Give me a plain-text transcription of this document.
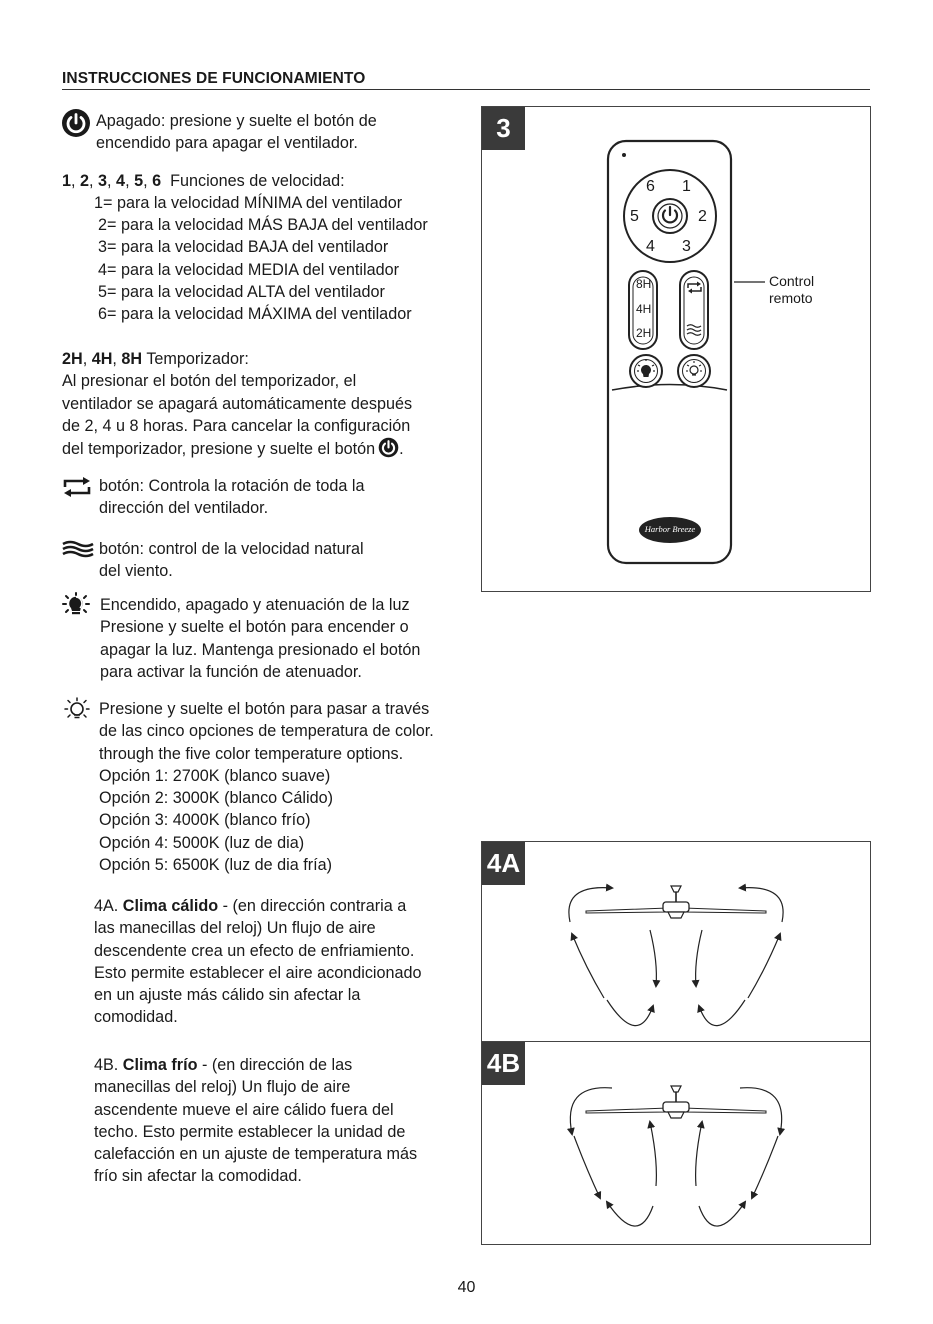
INSTRUCCIONES DE FUNCIONAMIENTO
Apagado: presione y suelte el botón de
encendido para apagar el ventilador.
1, 2, 3, 4, 5, 6 Funciones de velocidad:
1= para la velocidad MÍNIMA del ventilador
2= para la velocidad MÁS BAJA del ventilador
3= para la velocidad BAJA del ventilador
4= para la velocidad MEDIA del ventilador
5= para la velocidad ALTA del ventilador
6= para la velocidad MÁXIMA del ventilador
2H, 4H, 8H Temporizador:
Al presionar el botón del temporizador, el
ventilador se apagará automáticamente después
de 2, 4 u 8 horas. Para cancelar la configuración
del temporizador, presione y suelte el botón .
botón: Controla la rotación de toda la
dirección del ventilador.
botón: control de la velocidad natural
del viento.
Encendido, apagado y atenuación de la luz
Presione y suelte el botón para encender o
apagar la luz. Mantenga presionado el botón
para activar la función de atenuador.
Presione y suelte el botón para pasar a través
de las cinco opciones de temperatura de color.
through the five color temperature options.
Opción 1: 2700K (blanco suave)
Opción 2: 3000K (blanco Cálido)
Opción 3: 4000K (blanco frío)
Opción 4: 5000K (luz de dia)
Opción 5: 6500K (luz de dia fría)
4A. Clima cálido - (en dirección contraria a
las manecillas del reloj) Un flujo de aire
descendente crea un efecto de enfriamiento.
Esto permite establecer el aire acondicionado
en un ajuste más cálido sin afectar la
comodidad.
4B. Clima frío - (en dirección de las
manecillas del reloj) Un flujo de aire
ascendente mueve el aire cálido fuera del
techo. Esto permite establecer la unidad de
calefacción en un ajuste de temperatura más
frío sin afectar la comodidad.
3
6 1
5	2
4 3
8H
4H
2H
Harbor Breeze
Control
remoto
4A
4B
40
